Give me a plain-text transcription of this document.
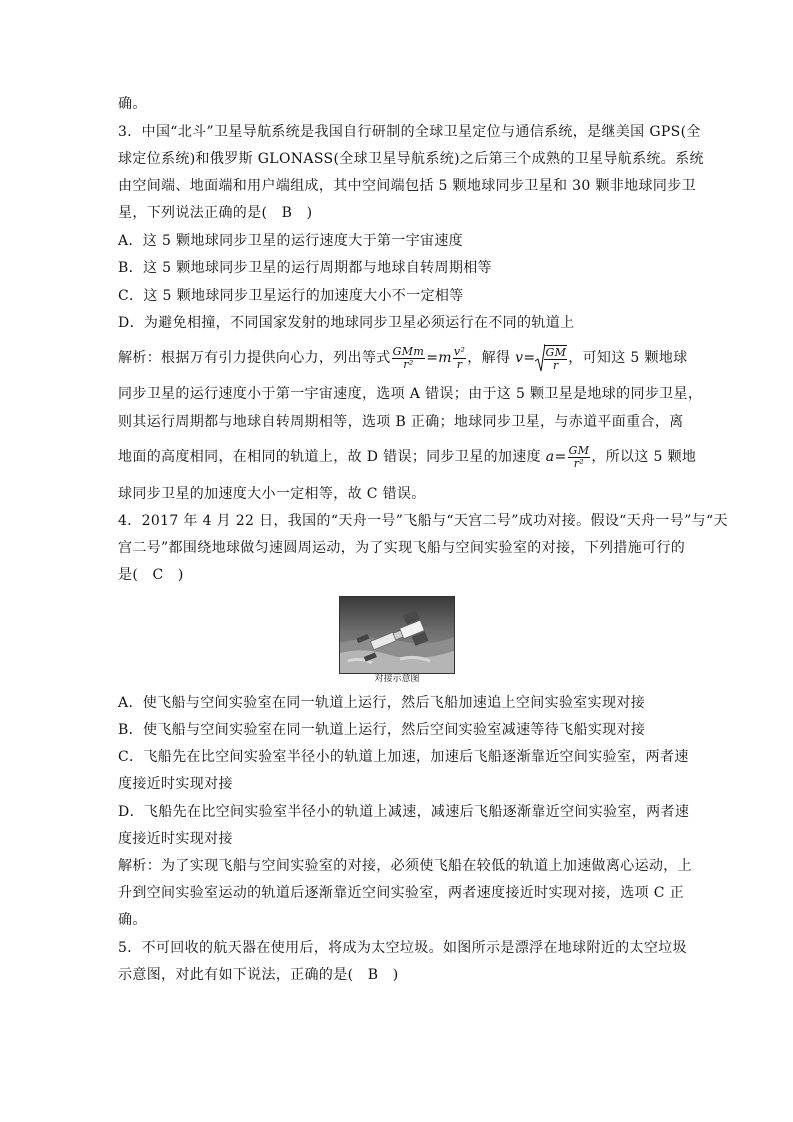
确。
3．中国“北斗”卫星导航系统是我国自行研制的全球卫星定位与通信系统，是继美国 GPS(全
球定位系统)和俄罗斯 GLONASS(全球卫星导航系统)之后第三个成熟的卫星导航系统。系统
由空间端、地面端和用户端组成，其中空间端包括 5 颗地球同步卫星和 30 颗非地球同步卫
星，下列说法正确的是(　B　)
A．这 5 颗地球同步卫星的运行速度大于第一宇宙速度
B．这 5 颗地球同步卫星的运行周期都与地球自转周期相等
C．这 5 颗地球同步卫星运行的加速度大小不一定相等
D．为避免相撞，不同国家发射的地球同步卫星必须运行在不同的轨道上
解析：根据万有引力提供向心力，列出等式 $\frac{\text{GMm}}{\text{r²}} =m \frac{\text{v²}}{r}$ ，解得 $v= \frac{GM}{r}$ ，可知这 5 颗地球
同步卫星的运行速度小于第一宇宙速度，选项 A 错误；由于这 5 颗卫星是地球的同步卫星，
则其运行周期都与地球自转周期相等，选项 B 正确；地球同步卫星，与赤道平面重合，离
地面的高度相同，在相同的轨道上，故 D 错误；同步卫星的加速度 $a= \frac{GM}{\text{r²}}$ ，所以这 5 颗地
球同步卫星的加速度大小一定相等，故 C 错误。
4．2017 年 4 月 22 日，我国的“天舟一号”飞船与“天宫二号”成功对接。假设“天舟一号”与“天
宫二号”都围绕地球做匀速圆周运动，为了实现飞船与空间实验室的对接，下列措施可行的
是(　C　)
对接示意图
A．使飞船与空间实验室在同一轨道上运行，然后飞船加速追上空间实验室实现对接
B．使飞船与空间实验室在同一轨道上运行，然后空间实验室减速等待飞船实现对接
C．飞船先在比空间实验室半径小的轨道上加速，加速后飞船逐渐靠近空间实验室，两者速
度接近时实现对接
D．飞船先在比空间实验室半径小的轨道上减速，减速后飞船逐渐靠近空间实验室，两者速
度接近时实现对接
解析：为了实现飞船与空间实验室的对接，必须使飞船在较低的轨道上加速做离心运动，上
升到空间实验室运动的轨道后逐渐靠近空间实验室，两者速度接近时实现对接，选项 C 正
确。
5．不可回收的航天器在使用后，将成为太空垃圾。如图所示是漂浮在地球附近的太空垃圾
示意图，对此有如下说法，正确的是(　B　)
